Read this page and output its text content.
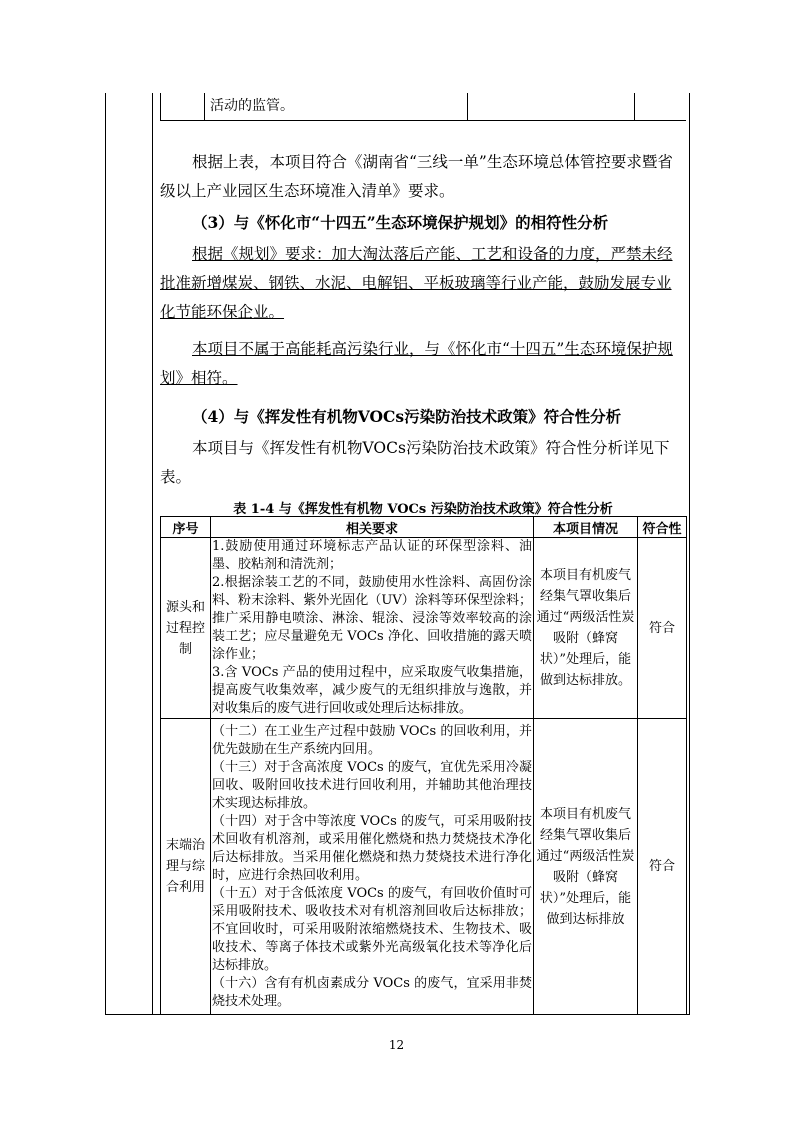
活动的监管。
根据上表，本项目符合《湖南省“三线一单”生态环境总体管控要求暨省
级以上产业园区生态环境准入清单》要求。
（3）与《怀化市“十四五”生态环境保护规划》的相符性分析
根据《规划》要求：加大淘汰落后产能、工艺和设备的力度，严禁未经
批准新增煤炭、钢铁、水泥、电解铝、平板玻璃等行业产能，鼓励发展专业
化节能环保企业。
本项目不属于高能耗高污染行业，与《怀化市“十四五”生态环境保护规
划》相符。
（4）与《挥发性有机物VOCs污染防治技术政策》符合性分析
本项目与《挥发性有机物VOCs污染防治技术政策》符合性分析详见下
表。
表 1-4 与《挥发性有机物 VOCs 污染防治技术政策》符合性分析
序号	相关要求	本项目情况	符合性
源头和过程控制	1.鼓励使用通过环境标志产品认证的环保型涂料、油墨、胶粘剂和清洗剂；
2.根据涂装工艺的不同，鼓励使用水性涂料、高固份涂料、粉末涂料、紫外光固化（UV）涂料等环保型涂料；推广采用静电喷涂、淋涂、辊涂、浸涂等效率较高的涂装工艺；应尽量避免无 VOCs 净化、回收措施的露天喷涂作业；
3.含 VOCs 产品的使用过程中，应采取废气收集措施，提高废气收集效率，减少废气的无组织排放与逸散，并对收集后的废气进行回收或处理后达标排放。	本项目有机废气经集气罩收集后通过“两级活性炭吸附（蜂窝状）”处理后，能做到达标排放。	符合
末端治理与综合利用	（十二）在工业生产过程中鼓励 VOCs 的回收利用，并优先鼓励在生产系统内回用。
（十三）对于含高浓度 VOCs 的废气，宜优先采用冷凝回收、吸附回收技术进行回收利用，并辅助其他治理技术实现达标排放。
（十四）对于含中等浓度 VOCs 的废气，可采用吸附技术回收有机溶剂，或采用催化燃烧和热力焚烧技术净化后达标排放。当采用催化燃烧和热力焚烧技术进行净化时，应进行余热回收利用。
（十五）对于含低浓度 VOCs 的废气，有回收价值时可采用吸附技术、吸收技术对有机溶剂回收后达标排放；不宜回收时，可采用吸附浓缩燃烧技术、生物技术、吸收技术、等离子体技术或紫外光高级氧化技术等净化后达标排放。
（十六）含有有机卤素成分 VOCs 的废气，宜采用非焚烧技术处理。	本项目有机废气经集气罩收集后通过“两级活性炭吸附（蜂窝状）”处理后，能做到达标排放	符合
12
